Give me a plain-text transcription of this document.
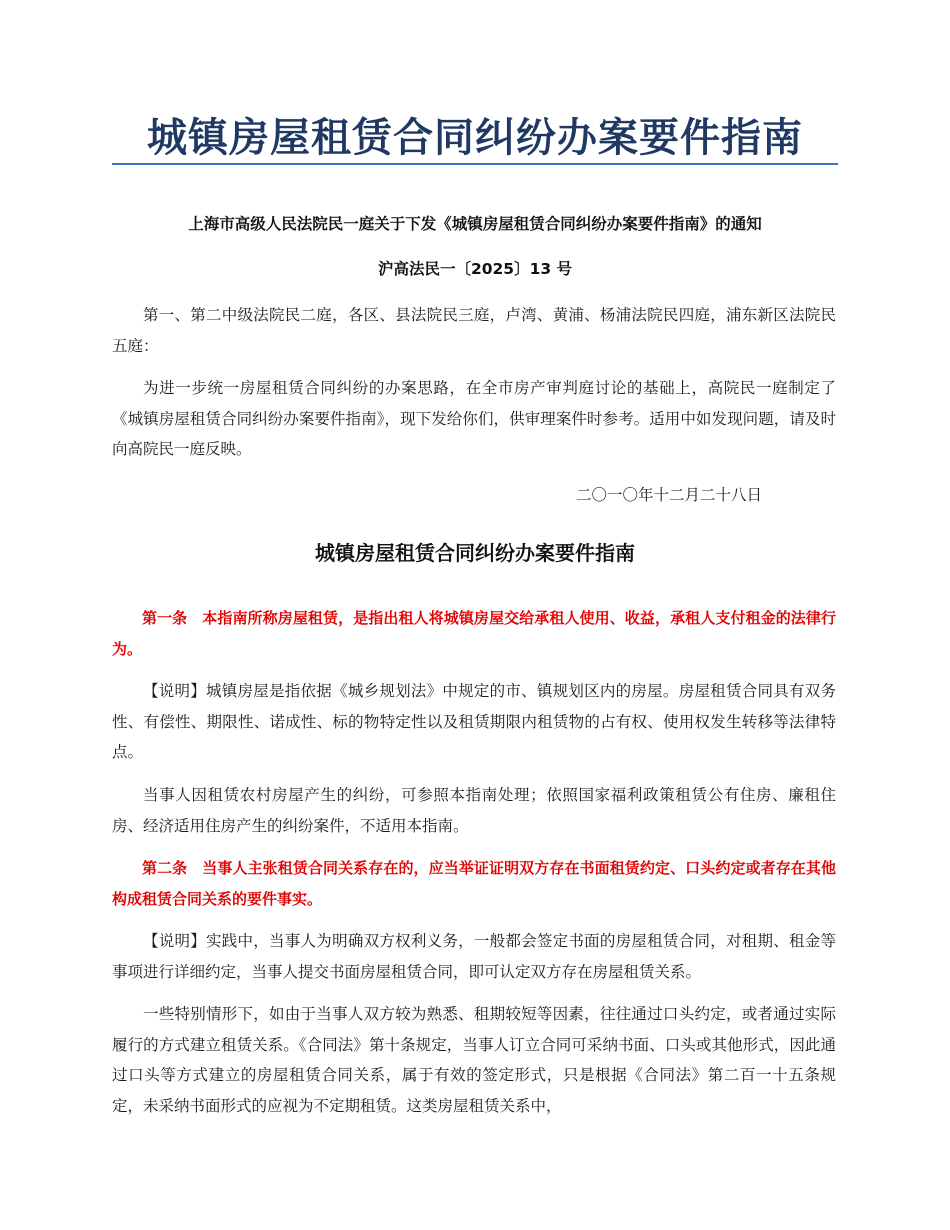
城镇房屋租赁合同纠纷办案要件指南
上海市高级人民法院民一庭关于下发《城镇房屋租赁合同纠纷办案要件指南》的通知
沪高法民一〔2025〕13 号

第一、第二中级法院民二庭，各区、县法院民三庭，卢湾、黄浦、杨浦法院民四庭，浦东新区法院民五庭：

为进一步统一房屋租赁合同纠纷的办案思路，在全市房产审判庭讨论的基础上，高院民一庭制定了《城镇房屋租赁合同纠纷办案要件指南》，现下发给你们，供审理案件时参考。适用中如发现问题，请及时向高院民一庭反映。

二〇一〇年十二月二十八日
城镇房屋租赁合同纠纷办案要件指南

第一条 本指南所称房屋租赁，是指出租人将城镇房屋交给承租人使用、收益，承租人支付租金的法律行为。

【说明】城镇房屋是指依据《城乡规划法》中规定的市、镇规划区内的房屋。房屋租赁合同具有双务性、有偿性、期限性、诺成性、标的物特定性以及租赁期限内租赁物的占有权、使用权发生转移等法律特点。

当事人因租赁农村房屋产生的纠纷，可参照本指南处理；依照国家福利政策租赁公有住房、廉租住房、经济适用住房产生的纠纷案件，不适用本指南。

第二条 当事人主张租赁合同关系存在的，应当举证证明双方存在书面租赁约定、口头约定或者存在其他构成租赁合同关系的要件事实。

【说明】实践中，当事人为明确双方权利义务，一般都会签定书面的房屋租赁合同，对租期、租金等事项进行详细约定，当事人提交书面房屋租赁合同，即可认定双方存在房屋租赁关系。

一些特别情形下，如由于当事人双方较为熟悉、租期较短等因素，往往通过口头约定，或者通过实际履行的方式建立租赁关系。《合同法》第十条规定，当事人订立合同可采纳书面、口头或其他形式，因此通过口头等方式建立的房屋租赁合同关系，属于有效的签定形式，只是根据《合同法》第二百一十五条规定，未采纳书面形式的应视为不定期租赁。这类房屋租赁关系中，
